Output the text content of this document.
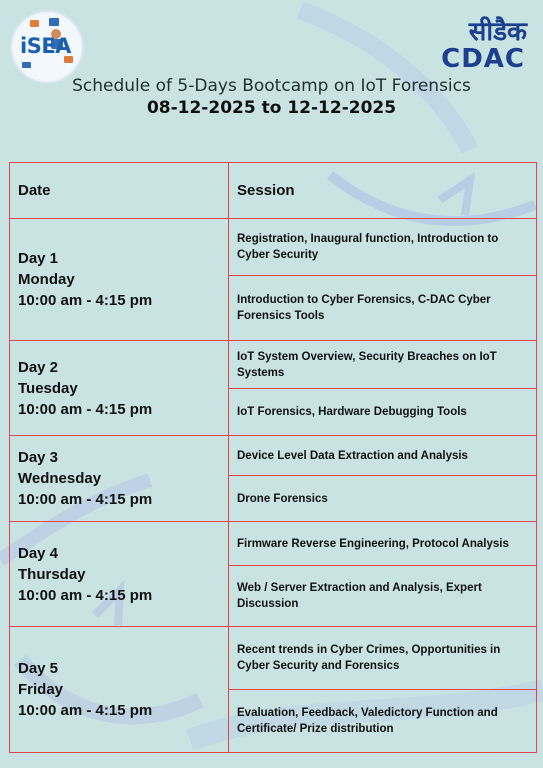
iSEA	सीडैक
CDAC
Schedule of 5-Days Bootcamp on IoT Forensics
08-12-2025 to 12-12-2025
Date	Session

Day 1
Monday
10:00 am - 4:15 pm	Registration, Inaugural function, Introduction to Cyber Security
	Introduction to Cyber Forensics, C-DAC Cyber Forensics Tools

Day 2
Tuesday
10:00 am - 4:15 pm	IoT System Overview, Security Breaches on IoT Systems
	IoT Forensics, Hardware Debugging Tools

Day 3
Wednesday
10:00 am - 4:15 pm	Device Level Data Extraction and Analysis
	Drone Forensics

Day 4
Thursday
10:00 am - 4:15 pm	Firmware Reverse Engineering, Protocol Analysis
	Web / Server Extraction and Analysis, Expert Discussion

Day 5
Friday
10:00 am - 4:15 pm	Recent trends in Cyber Crimes, Opportunities in Cyber Security and Forensics
	Evaluation, Feedback, Valedictory Function and Certificate/ Prize distribution
